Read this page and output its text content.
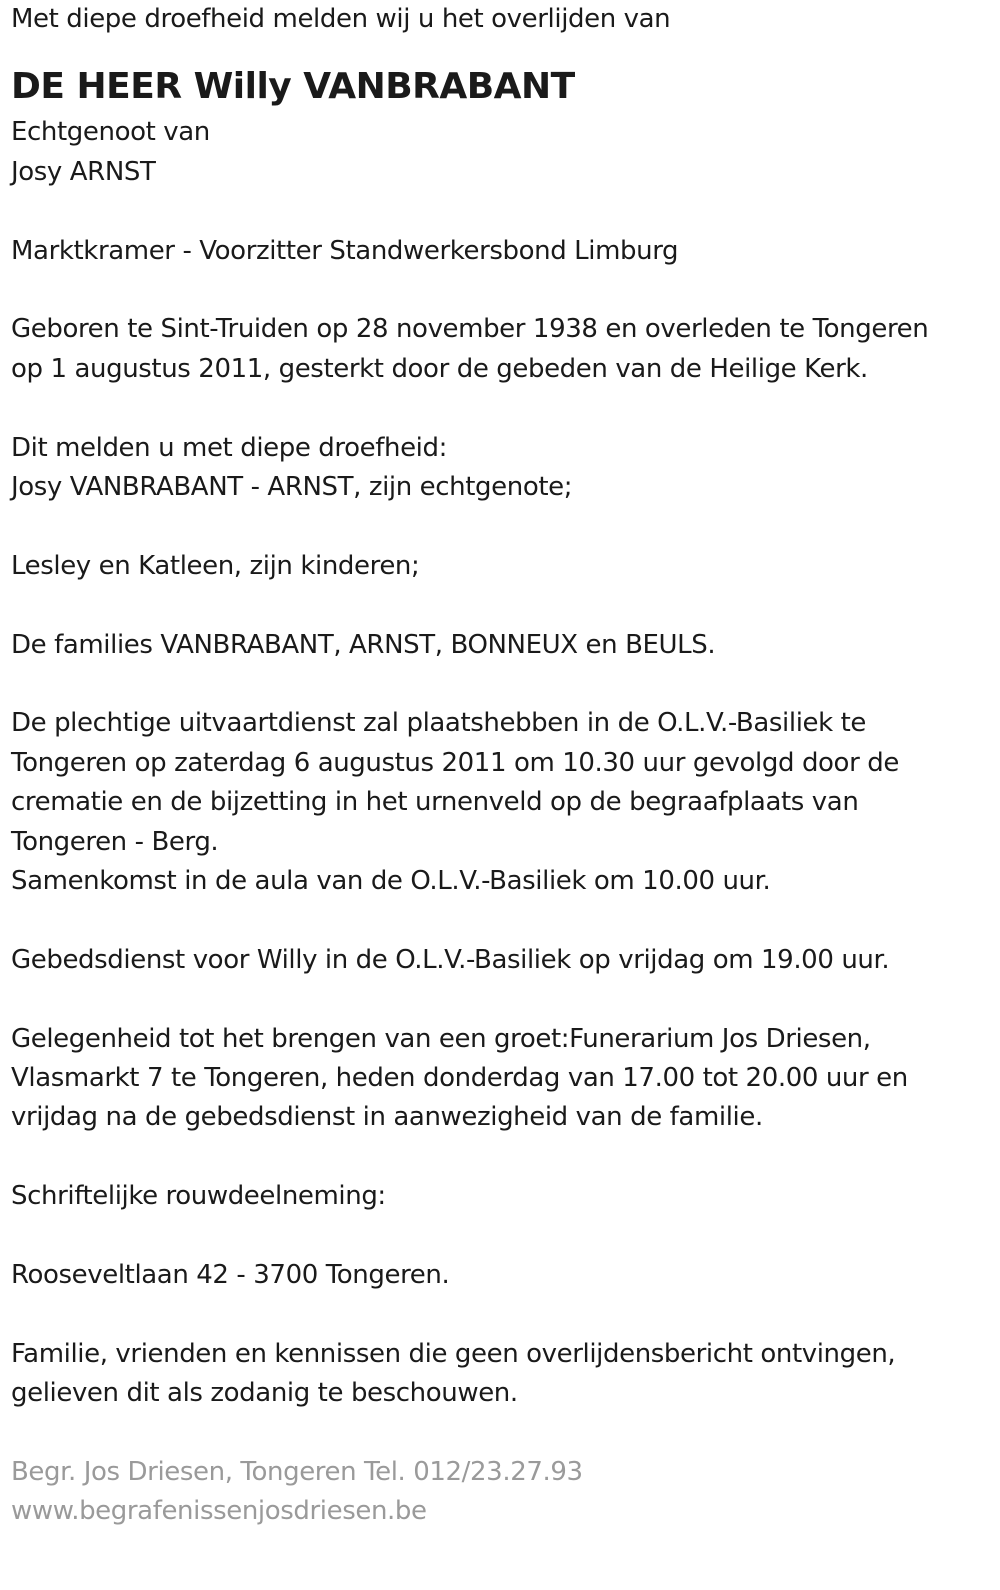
Met diepe droefheid melden wij u het overlijden van
DE HEER Willy VANBRABANT
Echtgenoot van
Josy ARNST
Marktkramer - Voorzitter Standwerkersbond Limburg
Geboren te Sint-Truiden op 28 november 1938 en overleden te Tongeren
op 1 augustus 2011, gesterkt door de gebeden van de Heilige Kerk.
Dit melden u met diepe droefheid:
Josy VANBRABANT - ARNST, zijn echtgenote;
Lesley en Katleen, zijn kinderen;
De families VANBRABANT, ARNST, BONNEUX en BEULS.
De plechtige uitvaartdienst zal plaatshebben in de O.L.V.-Basiliek te
Tongeren op zaterdag 6 augustus 2011 om 10.30 uur gevolgd door de
crematie en de bijzetting in het urnenveld op de begraafplaats van
Tongeren - Berg.
Samenkomst in de aula van de O.L.V.-Basiliek om 10.00 uur.
Gebedsdienst voor Willy in de O.L.V.-Basiliek op vrijdag om 19.00 uur.
Gelegenheid tot het brengen van een groet:Funerarium Jos Driesen,
Vlasmarkt 7 te Tongeren, heden donderdag van 17.00 tot 20.00 uur en
vrijdag na de gebedsdienst in aanwezigheid van de familie.
Schriftelijke rouwdeelneming:
Rooseveltlaan 42 - 3700 Tongeren.
Familie, vrienden en kennissen die geen overlijdensbericht ontvingen,
gelieven dit als zodanig te beschouwen.
Begr. Jos Driesen, Tongeren Tel. 012/23.27.93
www.begrafenissenjosdriesen.be
